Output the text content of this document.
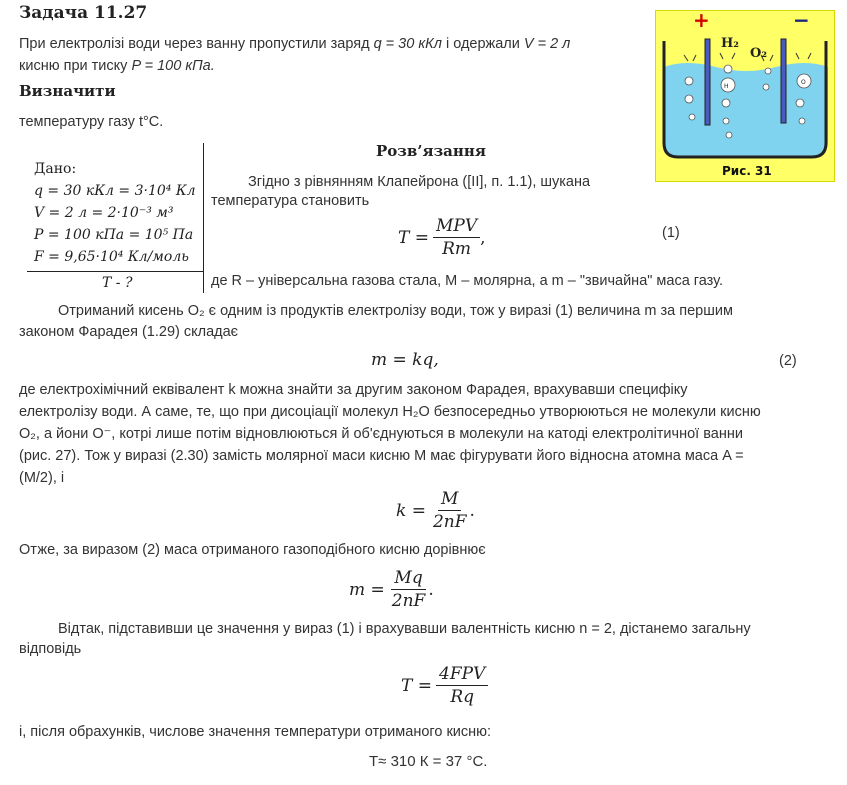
Задача 11.27
При електролізі води через ванну пропустили заряд q = 30 кКл і одержали V = 2 л
кисню при тиску P = 100 кПа.
Визначити
температуру газу t°C.
+	−
H₂
O₂
H
O
Рис. 31
Дано:
q = 30 кКл = 3·10⁴ Кл
V = 2 л = 2·10⁻³ м³
P = 100 кПа = 10⁵ Па
F = 9,65·10⁴ Кл/моль
T - ?
Розв’язання
Згідно з рівнянням Клапейрона ([II], п. 1.1), шукана
температура становить
$T = \frac{\text{MPV}}{Rm}$ ,	(1)
де R – універсальна газова стала, M – молярна, а m – "звичайна" маса газу.
Отриманий кисень O₂ є одним із продуктів електролізу води, тож у виразі (1) величина m за першим
законом Фарадея (1.29) складає
m = kq,	(2)
де електрохімічний еквівалент k можна знайти за другим законом Фарадея, врахувавши специфіку
електролізу води. А саме, те, що при дисоціації молекул H₂O безпосередньо утворюються не молекули кисню
O₂, а йони O⁻, котрі лише потім відновлюються й об'єднуються в молекули на катоді електролітичної ванни
(рис. 27). Тож у виразі (2.30) замість молярної маси кисню M має фігурувати його відносна атомна маса A =
(M/2), і
$k = \frac{M}{2nF}$ .
Отже, за виразом (2) маса отриманого газоподібного кисню дорівнює
$m = \frac{Mq}{2nF}$ .
Відтак, підставивши це значення у вираз (1) і врахувавши валентність кисню n = 2, дістанемо загальну
відповідь
$T = \frac{\text{4FPV}}{Rq}$
і, після обрахунків, числове значення температури отриманого кисню:
T≈ 310 К = 37 °С.
